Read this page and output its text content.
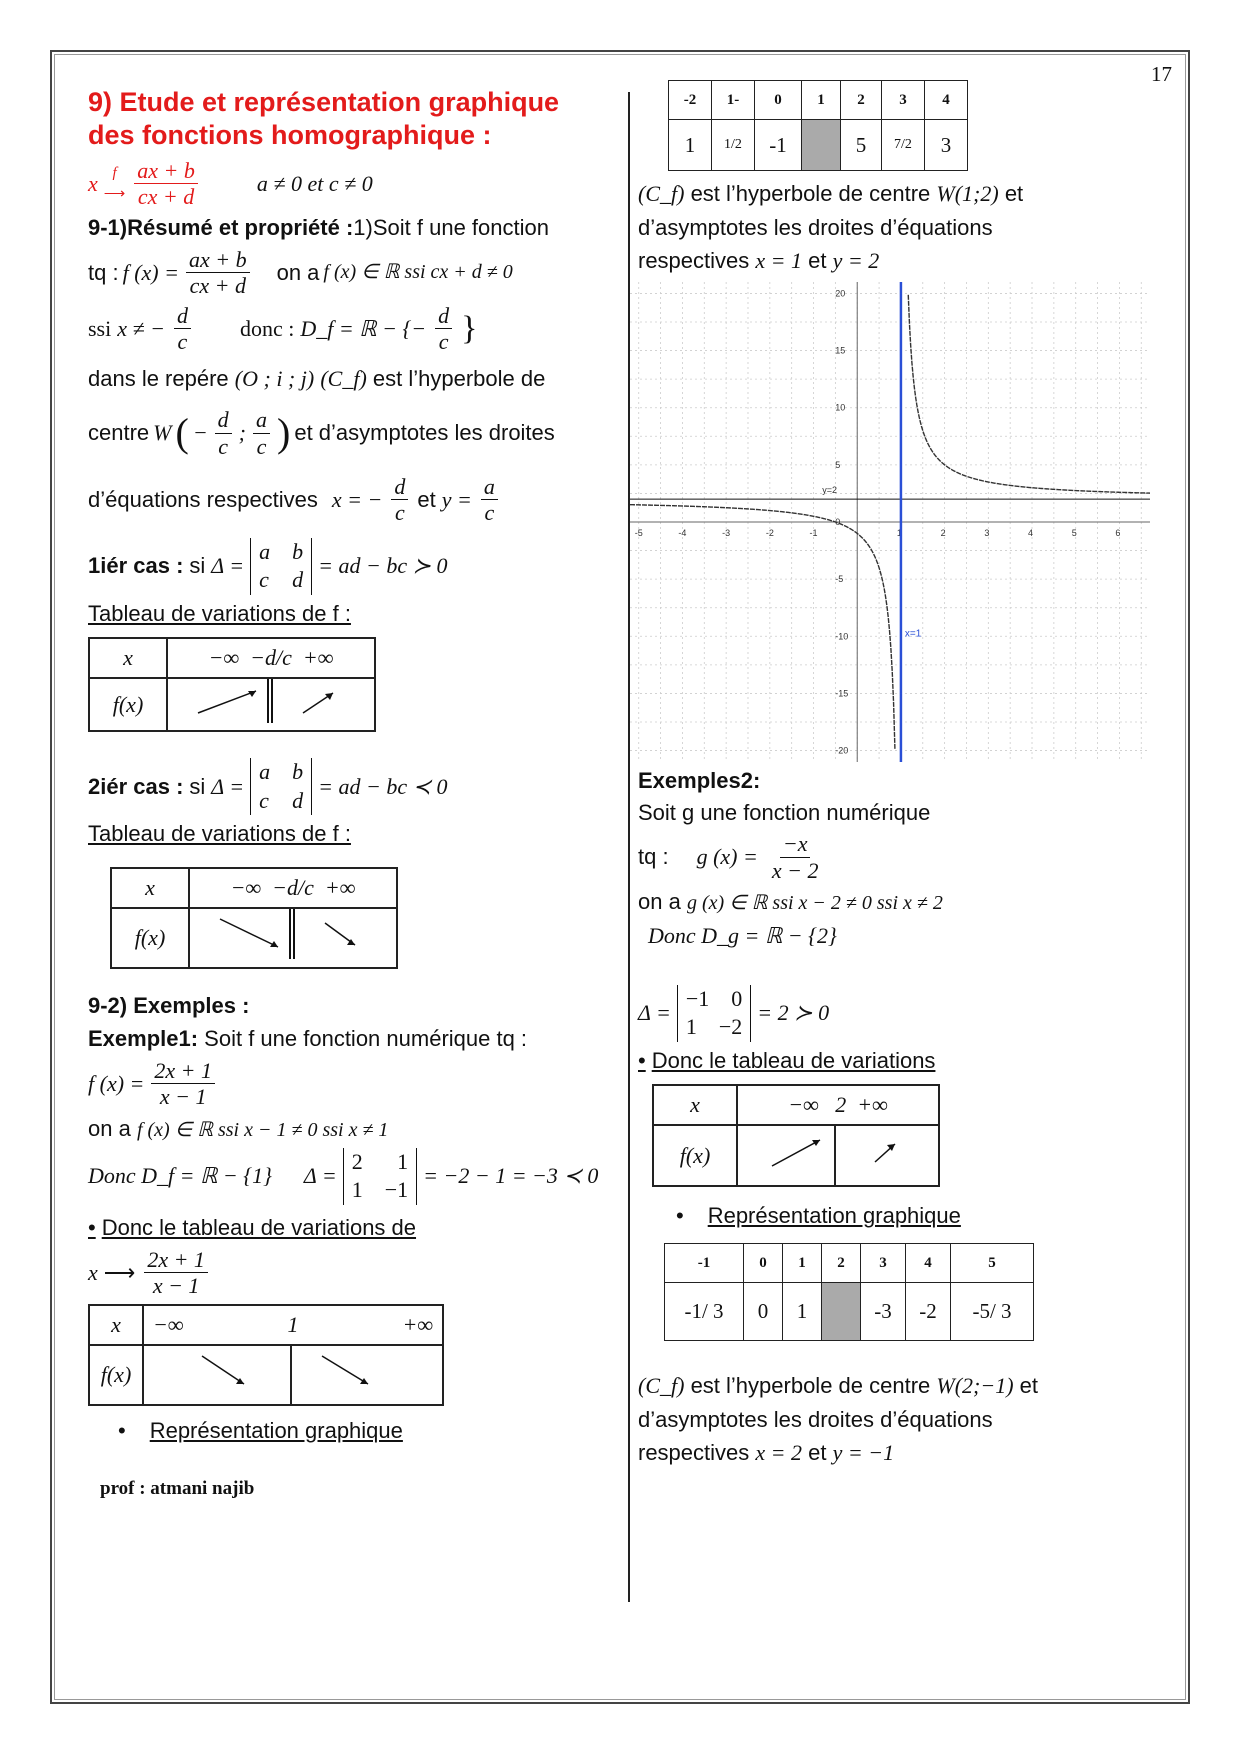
17
9) Etude et représentation graphique
des fonctions homographique :
x f
⟶ $\frac{ax + b}{cx + d}$	a ≠ 0 et c ≠ 0
9-1)Résumé et propriété :1)Soit f une fonction
tq : f $(x) = \frac{ax + b}{cx + d}$ on a f (x) ∈ ℝ ssi cx + d ≠ 0
ssi x ≠ − $\frac{d}{c}$ donc : D_f = ℝ − {− $\frac{d}{c}$ }
dans le repére (O ; i ; j) (C_f) est l’hyperbole de
centre W ( − $\frac{d}{c}$ ; $\frac{a}{c}$ ) et d’asymptotes les droites
d’équations respectives x = − $\frac{d}{c}$ et $y = \frac{a}{c}$
1iér cas : si Δ =
a b
c d
= ad − bc ≻ 0
Tableau de variations de f :
x	−∞ −d/c +∞
f(x)	
2iér cas : si Δ =
a b
c d
= ad − bc ≺ 0
Tableau de variations de f :
x	−∞ −d/c +∞
f(x)	
9-2) Exemples :
Exemple1: Soit f une fonction numérique tq :
f $(x) = \frac{2x + 1}{x - 1}$
on a f (x) ∈ ℝ ssi x − 1 ≠ 0 ssi x ≠ 1
Donc D_f = ℝ − {1} Δ =
2 1
1 −1
= −2 − 1 = −3 ≺ 0
• Donc le tableau de variations de
x ⟶ $\frac{2x + 1}{x - 1}$
x	−∞ 1 +∞	

f(x)		
• Représentation graphique
-2	1-	0	1	2	3	4
1	1/2	-1		5	7/2	3
(C_f) est l’hyperbole de centre W(1;2) et
d’asymptotes les droites d’équations
respectives x = 1 et y = 2
-5	-4	-3	-2	-1	1	2	3	4	5	6
20
15
10
5
0
-5
-10
-15
-20
y=2
x=1
Exemples2:
Soit g une fonction numérique
tq : g $(x) = \frac{-x}{x - 2}$
on a g (x) ∈ ℝ ssi x − 2 ≠ 0 ssi x ≠ 2
Donc D_g = ℝ − {2}
Δ =
−1 0
1 −2
= 2 ≻ 0
• Donc le tableau de variations
x	−∞ 2 +∞	
f(x)		
• Représentation graphique
-1	0	1	2	3	4	5
-1/ 3	0	1		-3	-2	-5/ 3
(C_f) est l’hyperbole de centre W(2;−1) et
d’asymptotes les droites d’équations
respectives x = 2 et y = −1
prof : atmani najib
